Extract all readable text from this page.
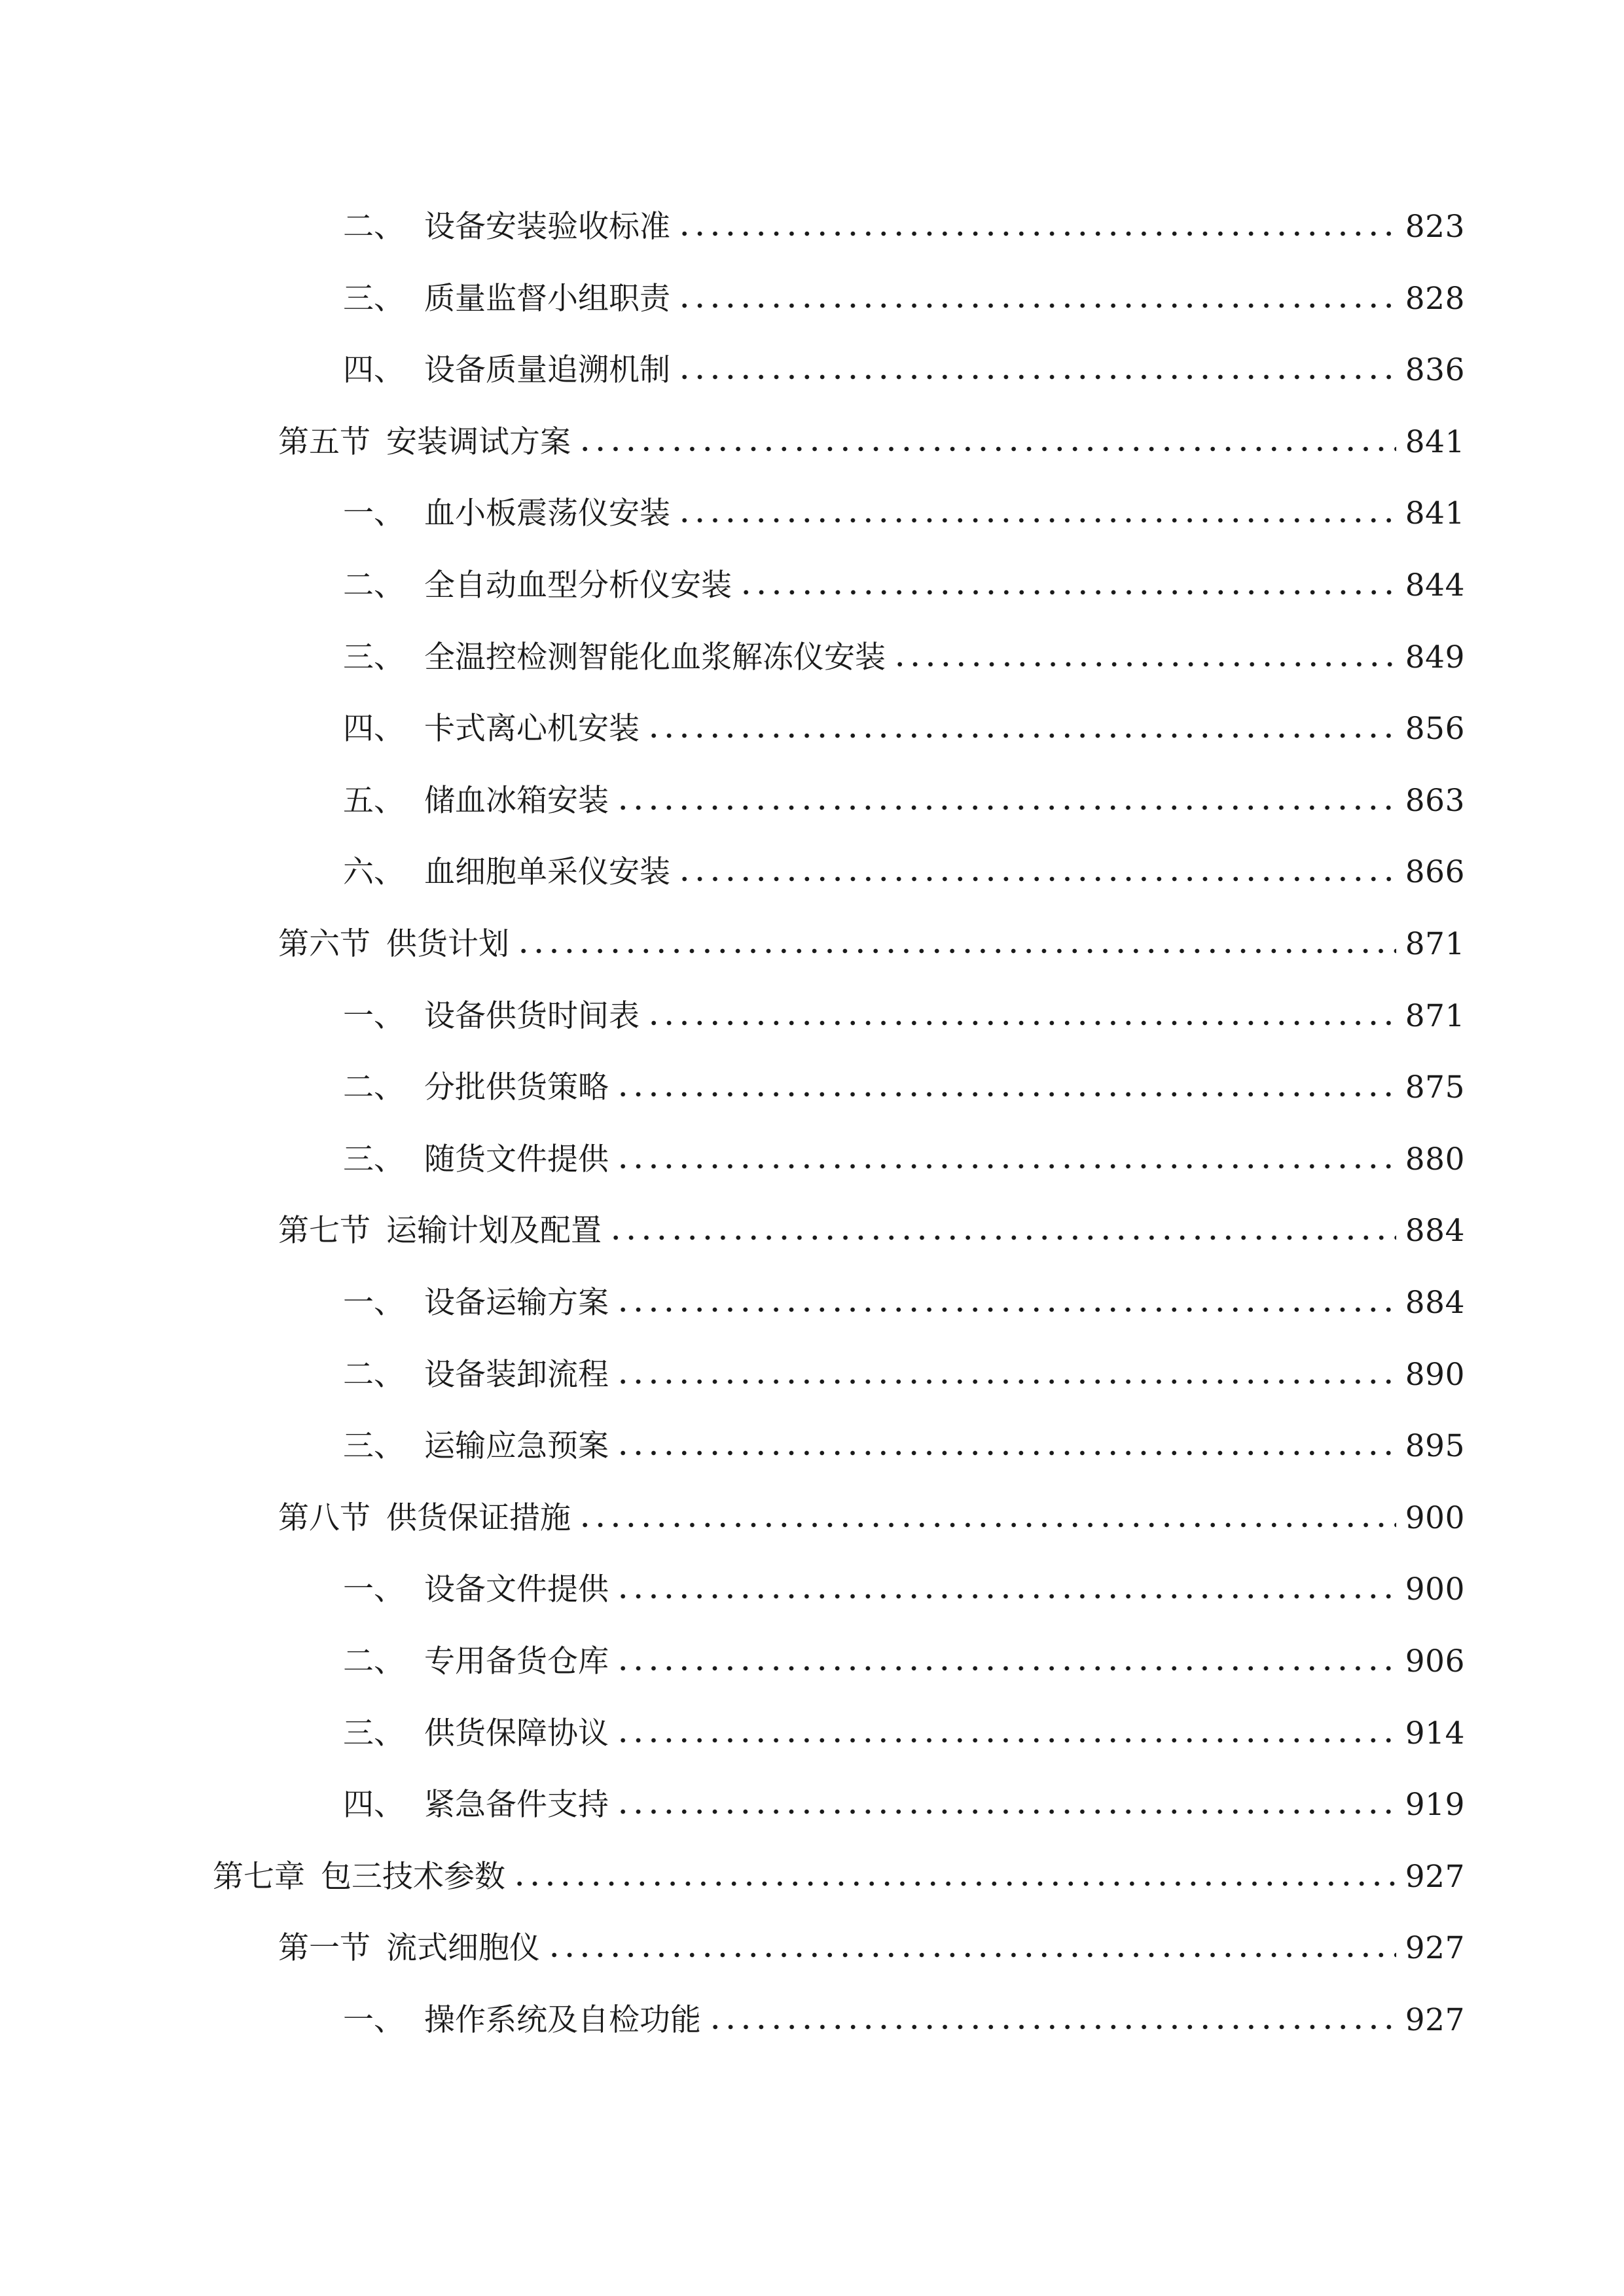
二、 设备安装验收标准	823
三、 质量监督小组职责	828
四、 设备质量追溯机制	836
第五节 安装调试方案	841
一、 血小板震荡仪安装	841
二、 全自动血型分析仪安装	844
三、 全温控检测智能化血浆解冻仪安装	849
四、 卡式离心机安装	856
五、 储血冰箱安装	863
六、 血细胞单采仪安装	866
第六节 供货计划	871
一、 设备供货时间表	871
二、 分批供货策略	875
三、 随货文件提供	880
第七节 运输计划及配置	884
一、 设备运输方案	884
二、 设备装卸流程	890
三、 运输应急预案	895
第八节 供货保证措施	900
一、 设备文件提供	900
二、 专用备货仓库	906
三、 供货保障协议	914
四、 紧急备件支持	919
第七章 包三技术参数	927
第一节 流式细胞仪	927
一、 操作系统及自检功能	927
